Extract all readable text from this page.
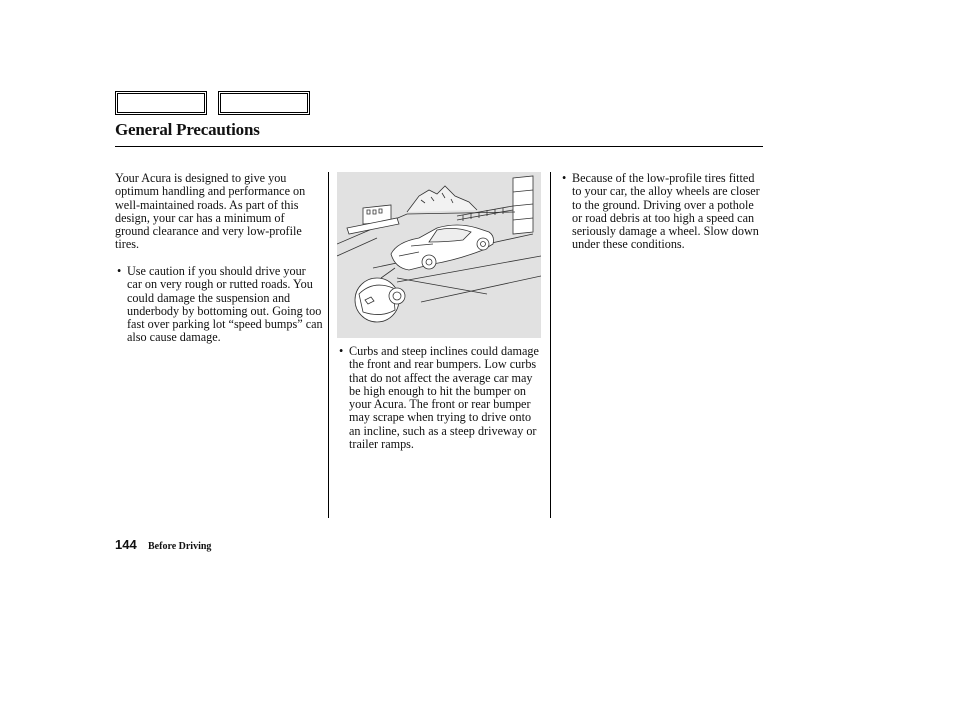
General Precautions

Your Acura is designed to give you optimum handling and performance on well-maintained roads. As part of this design, your car has a minimum of ground clearance and very low-profile tires.

• Use caution if you should drive your car on very rough or rutted roads. You could damage the suspension and underbody by bottoming out. Going too fast over parking lot “speed bumps” can also cause damage.

• Curbs and steep inclines could damage the front and rear bumpers. Low curbs that do not affect the average car may be high enough to hit the bumper on your Acura. The front or rear bumper may scrape when trying to drive onto an incline, such as a steep driveway or trailer ramps.

• Because of the low-profile tires fitted to your car, the alloy wheels are closer to the ground. Driving over a pothole or road debris at too high a speed can seriously damage a wheel. Slow down under these conditions.

144 Before Driving
